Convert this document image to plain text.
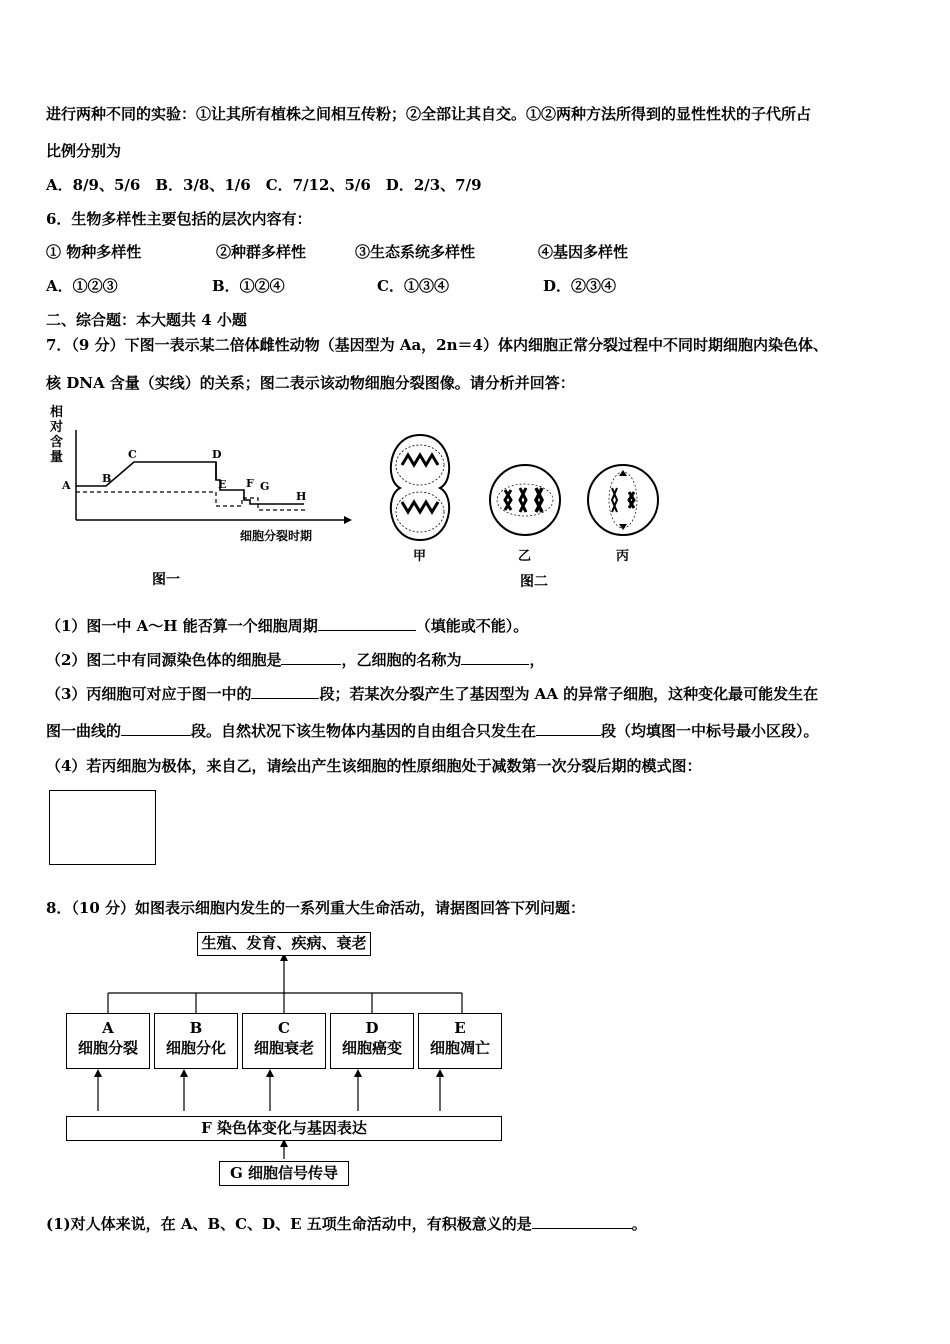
进行两种不同的实验：①让其所有植株之间相互传粉；②全部让其自交。①②两种方法所得到的显性性状的子代所占
比例分别为
A．8/9、5/6　B．3/8、1/6　C．7/12、5/6　D．2/3、7/9
6．生物多样性主要包括的层次内容有：
① 物种多样性	②种群多样性	③生态系统多样性	④基因多样性
A．①②③	B．①②④	C．①③④	D．②③④
二、综合题：本大题共 4 小题
7．（9 分）下图一表示某二倍体雌性动物（基因型为 Aa，2n＝4）体内细胞正常分裂过程中不同时期细胞内染色体、
核 DNA 含量（实线）的关系；图二表示该动物细胞分裂图像。请分析并回答：
相
对
含
量
A
B
C	D
E F G
H
细胞分裂时期
图一
甲	乙	丙
图二
（1）图一中 A～H 能否算一个细胞周期	（填能或不能）。
（2）图二中有同源染色体的细胞是	，乙细胞的名称为	，
（3）丙细胞可对应于图一中的	段；若某次分裂产生了基因型为 AA 的异常子细胞，这种变化最可能发生在
图一曲线的	段。自然状况下该生物体内基因的自由组合只发生在	段（均填图一中标号最小区段）。
（4）若丙细胞为极体，来自乙，请绘出产生该细胞的性原细胞处于减数第一次分裂后期的模式图：
8．（10 分）如图表示细胞内发生的一系列重大生命活动，请据图回答下列问题：
生殖、发育、疾病、衰老
A
细胞分裂
B
细胞分化
C
细胞衰老
D
细胞癌变
E
细胞凋亡
F 染色体变化与基因表达
G 细胞信号传导
(1)对人体来说，在 A、B、C、D、E 五项生命活动中，有积极意义的是	。
